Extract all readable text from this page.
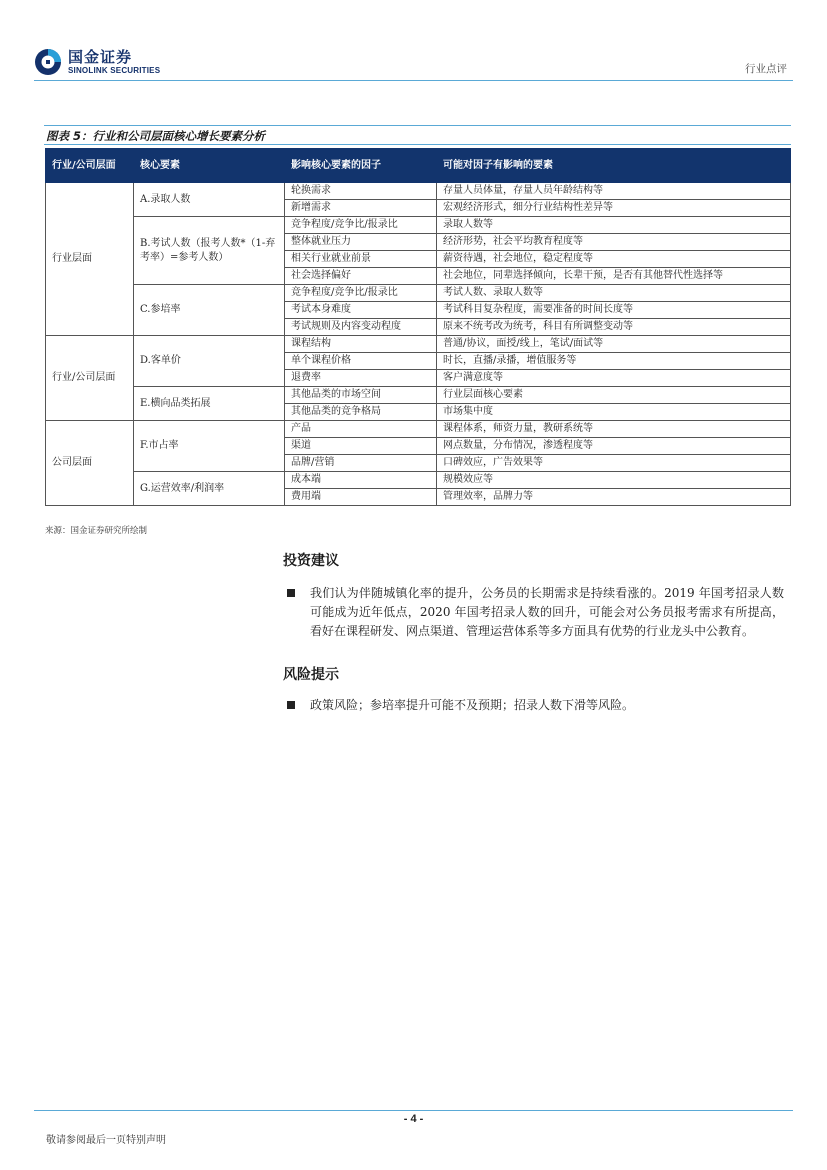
国金证券
SINOLINK SECURITIES	行业点评
图表 5：行业和公司层面核心增长要素分析
行业/公司层面	核心要素	影响核心要素的因子	可能对因子有影响的要素
行业层面	A.录取人数	轮换需求	存量人员体量，存量人员年龄结构等
		新增需求	宏观经济形式，细分行业结构性差异等
	B.考试人数（报考人数*（1-弃考率）=参考人数）	竞争程度/竞争比/报录比	录取人数等
		整体就业压力	经济形势，社会平均教育程度等
		相关行业就业前景	薪资待遇，社会地位，稳定程度等
		社会选择偏好	社会地位，同辈选择倾向，长辈干预，是否有其他替代性选择等
	C.参培率	竞争程度/竞争比/报录比	考试人数、录取人数等
		考试本身难度	考试科目复杂程度，需要准备的时间长度等
		考试规则及内容变动程度	原来不统考改为统考，科目有所调整变动等
行业/公司层面	D.客单价	课程结构	普通/协议，面授/线上，笔试/面试等
		单个课程价格	时长，直播/录播，增值服务等
		退费率	客户满意度等
	E.横向品类拓展	其他品类的市场空间	行业层面核心要素
		其他品类的竞争格局	市场集中度
公司层面	F.市占率	产品	课程体系，师资力量，教研系统等
		渠道	网点数量，分布情况，渗透程度等
		品牌/营销	口碑效应，广告效果等
	G.运营效率/利润率	成本端	规模效应等
		费用端	管理效率，品牌力等
来源：国金证券研究所绘制
投资建议
我们认为伴随城镇化率的提升，公务员的长期需求是持续看涨的。2019 年国考招录人数可能成为近年低点，2020 年国考招录人数的回升，可能会对公务员报考需求有所提高，看好在课程研发、网点渠道、管理运营体系等多方面具有优势的行业龙头中公教育。
风险提示
政策风险；参培率提升可能不及预期；招录人数下滑等风险。
- 4 -
敬请参阅最后一页特别声明
